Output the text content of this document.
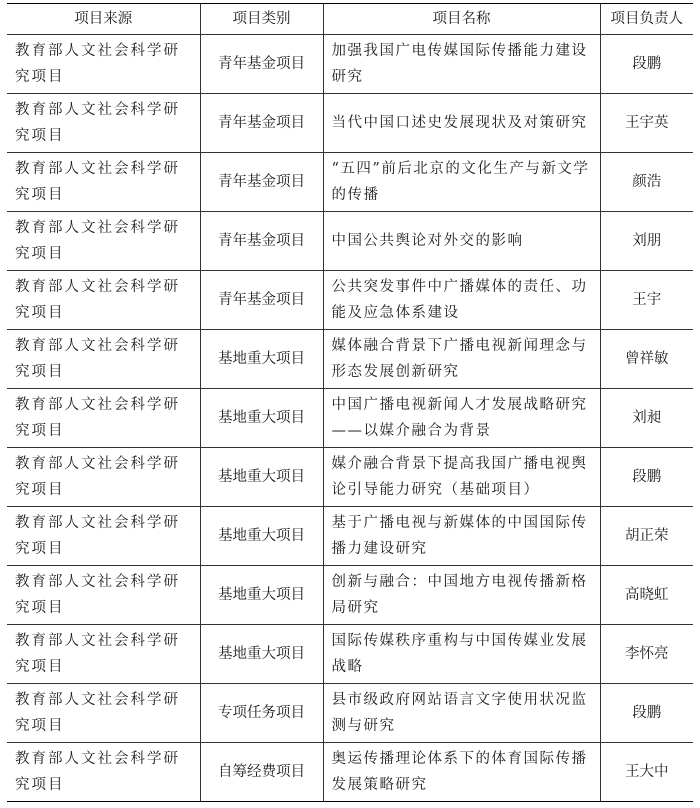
项目来源	项目类别	项目名称	项目负责人
教育部人文社会科学研究项目	青年基金项目	加强我国广电传媒国际传播能力建设研究	段鹏
教育部人文社会科学研究项目	青年基金项目	当代中国口述史发展现状及对策研究	王宇英
教育部人文社会科学研究项目	青年基金项目	“五四”前后北京的文化生产与新文学的传播	颜浩
教育部人文社会科学研究项目	青年基金项目	中国公共舆论对外交的影响	刘朋
教育部人文社会科学研究项目	青年基金项目	公共突发事件中广播媒体的责任、功能及应急体系建设	王宇
教育部人文社会科学研究项目	基地重大项目	媒体融合背景下广播电视新闻理念与形态发展创新研究	曾祥敏
教育部人文社会科学研究项目	基地重大项目	中国广播电视新闻人才发展战略研究——以媒介融合为背景	刘昶
教育部人文社会科学研究项目	基地重大项目	媒介融合背景下提高我国广播电视舆论引导能力研究（基础项目）	段鹏
教育部人文社会科学研究项目	基地重大项目	基于广播电视与新媒体的中国国际传播力建设研究	胡正荣
教育部人文社会科学研究项目	基地重大项目	创新与融合：中国地方电视传播新格局研究	高晓虹
教育部人文社会科学研究项目	基地重大项目	国际传媒秩序重构与中国传媒业发展战略	李怀亮
教育部人文社会科学研究项目	专项任务项目	县市级政府网站语言文字使用状况监测与研究	段鹏
教育部人文社会科学研究项目	自筹经费项目	奥运传播理论体系下的体育国际传播发展策略研究	王大中
